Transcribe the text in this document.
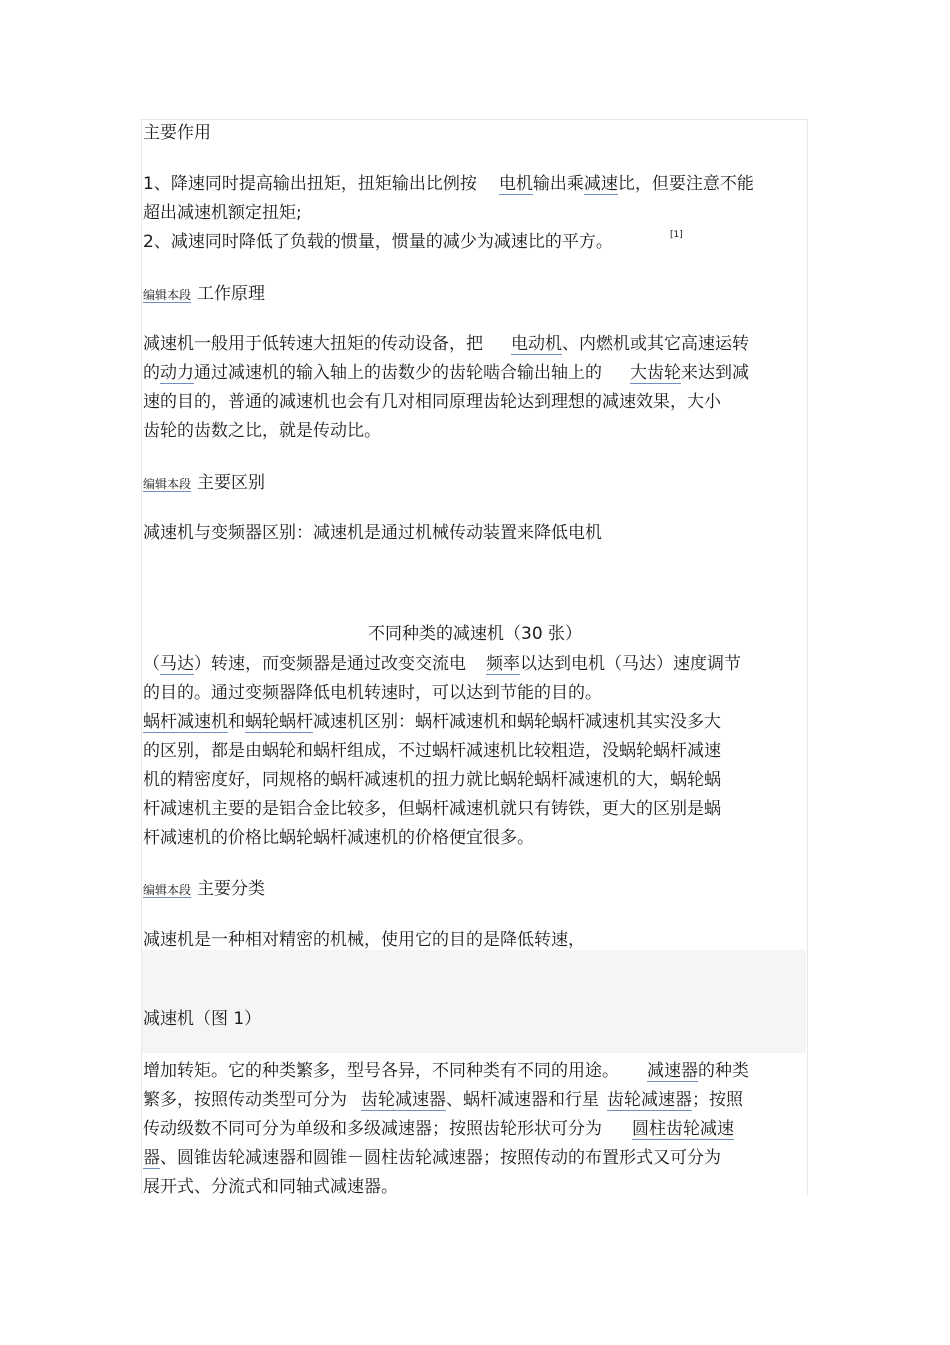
主要作用
1、降速同时提高输出扭矩，扭矩输出比例按 电机输出乘减速比，但要注意不能
超出减速机额定扭矩;
2、减速同时降低了负载的惯量，惯量的减少为减速比的平方。	[1]
编辑本段 工作原理
减速机一般用于低转速大扭矩的传动设备，把 电动机、内燃机或其它高速运转
的动力通过减速机的输入轴上的齿数少的齿轮啮合输出轴上的 大齿轮来达到减
速的目的，普通的减速机也会有几对相同原理齿轮达到理想的减速效果，大小
齿轮的齿数之比，就是传动比。
编辑本段 主要区别
减速机与变频器区别：减速机是通过机械传动装置来降低电机
不同种类的减速机（30 张）
（马达）转速，而变频器是通过改变交流电 频率以达到电机（马达）速度调节
的目的。通过变频器降低电机转速时，可以达到节能的目的。
蜗杆减速机和蜗轮蜗杆减速机区别：蜗杆减速机和蜗轮蜗杆减速机其实没多大
的区别，都是由蜗轮和蜗杆组成，不过蜗杆减速机比较粗造，没蜗轮蜗杆减速
机的精密度好，同规格的蜗杆减速机的扭力就比蜗轮蜗杆减速机的大，蜗轮蜗
杆减速机主要的是铝合金比较多，但蜗杆减速机就只有铸铁，更大的区别是蜗
杆减速机的价格比蜗轮蜗杆减速机的价格便宜很多。
编辑本段 主要分类
减速机是一种相对精密的机械，使用它的目的是降低转速，
减速机（图 1）
增加转矩。它的种类繁多，型号各异，不同种类有不同的用途。 减速器的种类
繁多，按照传动类型可分为 齿轮减速器、蜗杆减速器和行星 齿轮减速器；按照
传动级数不同可分为单级和多级减速器；按照齿轮形状可分为 圆柱齿轮减速
器、圆锥齿轮减速器和圆锥－圆柱齿轮减速器；按照传动的布置形式又可分为
展开式、分流式和同轴式减速器。
